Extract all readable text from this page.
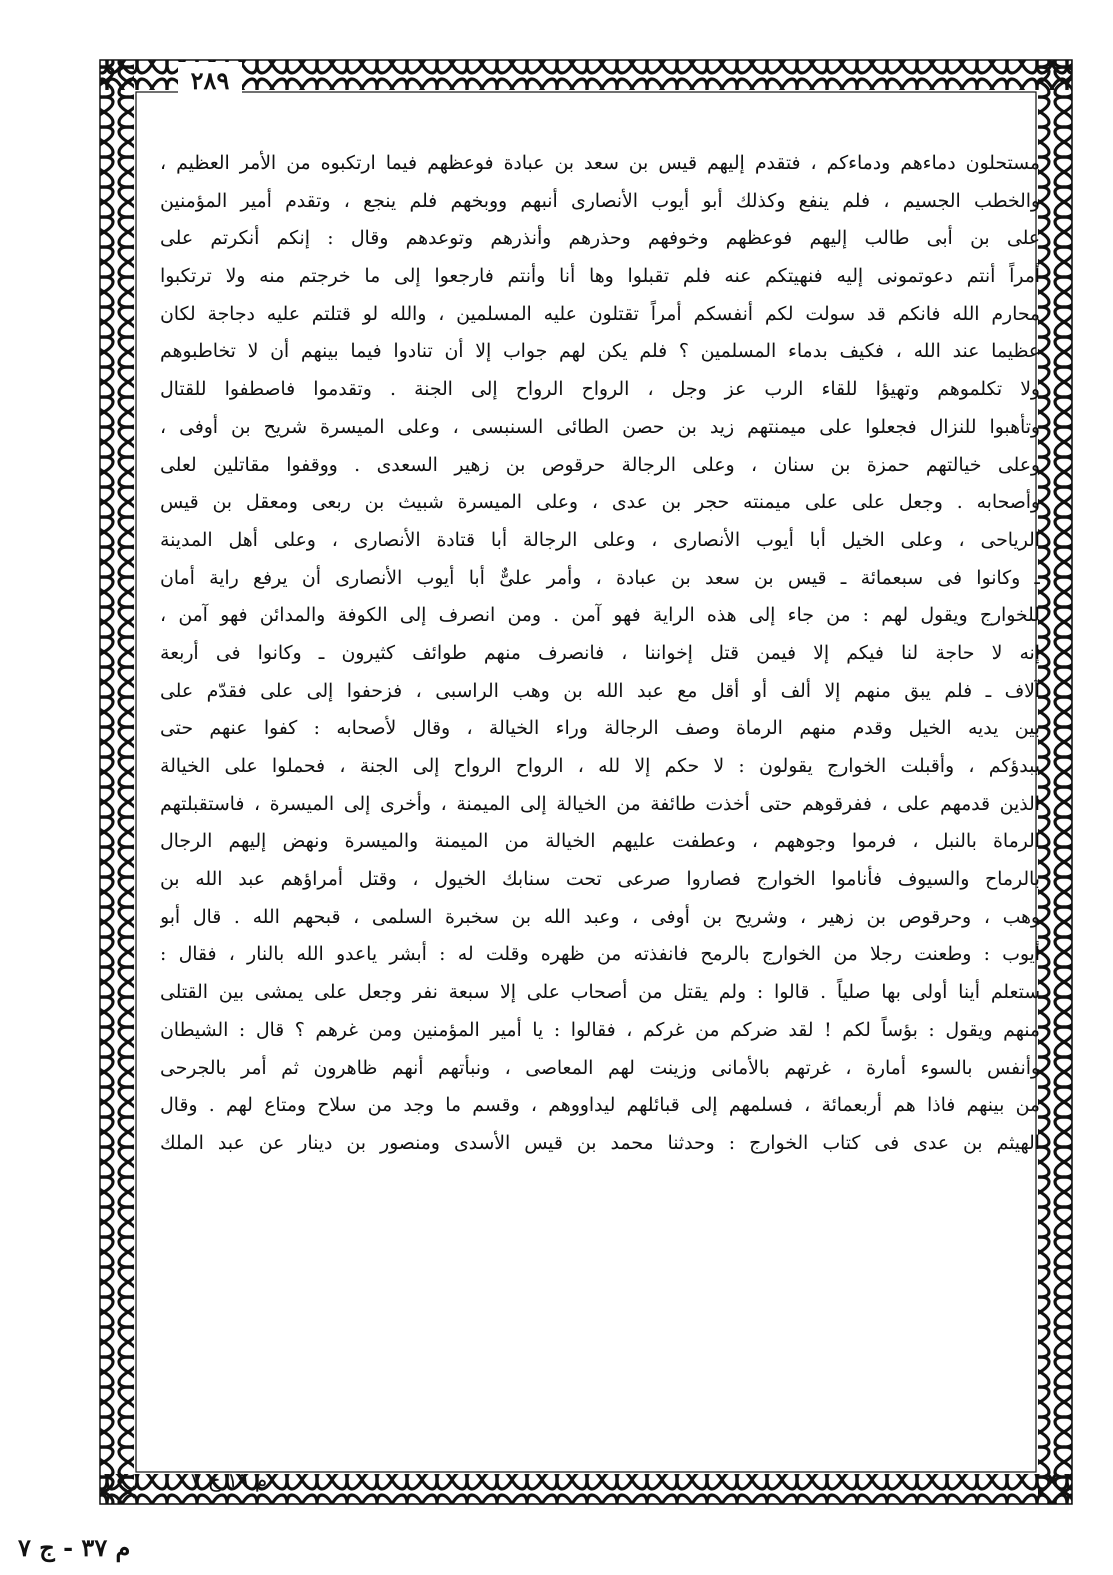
٢٨٩
مستحلون دماءهم ودماءكم ، فتقدم إليهم قيس بن سعد بن عبادة فوعظهم فيما ارتكبوه من الأمر العظيم ،
والخطب الجسيم ، فلم ينفع وكذلك أبو أيوب الأنصارى أنبهم ووبخهم فلم ينجع ، وتقدم أمير المؤمنين
على بن أبى طالب إليهم فوعظهم وخوفهم وحذرهم وأنذرهم وتوعدهم وقال : إنكم أنكرتم على
أمراً أنتم دعوتمونى إليه فنهيتكم عنه فلم تقبلوا وها أنا وأنتم فارجعوا إلى ما خرجتم منه ولا ترتكبوا
محارم الله فانكم قد سولت لكم أنفسكم أمراً تقتلون عليه المسلمين ، والله لو قتلتم عليه دجاجة لكان
عظيما عند الله ، فكيف بدماء المسلمين ؟ فلم يكن لهم جواب إلا أن تنادوا فيما بينهم أن لا تخاطبوهم
ولا تكلموهم وتهيؤا للقاء الرب عز وجل ، الرواح الرواح إلى الجنة . وتقدموا فاصطفوا للقتال
وتأهبوا للنزال فجعلوا على ميمنتهم زيد بن حصن الطائى السنبسى ، وعلى الميسرة شريح بن أوفى ،
وعلى خيالتهم حمزة بن سنان ، وعلى الرجالة حرقوص بن زهير السعدى . ووقفوا مقاتلين لعلى
وأصحابه . وجعل على على ميمنته حجر بن عدى ، وعلى الميسرة شبيث بن ربعى ومعقل بن قيس
الرياحى ، وعلى الخيل أبا أيوب الأنصارى ، وعلى الرجالة أبا قتادة الأنصارى ، وعلى أهل المدينة
ـ وكانوا فى سبعمائة ـ قيس بن سعد بن عبادة ، وأمر علىٌّ أبا أيوب الأنصارى أن يرفع راية أمان
للخوارج ويقول لهم : من جاء إلى هذه الراية فهو آمن . ومن انصرف إلى الكوفة والمدائن فهو آمن ،
إنه لا حاجة لنا فيكم إلا فيمن قتل إخواننا ، فانصرف منهم طوائف كثيرون ـ وكانوا فى أربعة
آلاف ـ فلم يبق منهم إلا ألف أو أقل مع عبد الله بن وهب الراسبى ، فزحفوا إلى على فقدّم على
بين يديه الخيل وقدم منهم الرماة وصف الرجالة وراء الخيالة ، وقال لأصحابه : كفوا عنهم حتى
يبدؤكم ، وأقبلت الخوارج يقولون : لا حكم إلا لله ، الرواح الرواح إلى الجنة ، فحملوا على الخيالة
الذين قدمهم على ، ففرقوهم حتى أخذت طائفة من الخيالة إلى الميمنة ، وأخرى إلى الميسرة ، فاستقبلتهم
الرماة بالنبل ، فرموا وجوههم ، وعطفت عليهم الخيالة من الميمنة والميسرة ونهض إليهم الرجال
بالرماح والسيوف فأناموا الخوارج فصاروا صرعى تحت سنابك الخيول ، وقتل أمراؤهم عبد الله بن
وهب ، وحرقوص بن زهير ، وشريح بن أوفى ، وعبد الله بن سخبرة السلمى ، قبحهم الله . قال أبو
أيوب : وطعنت رجلا من الخوارج بالرمح فانفذته من ظهره وقلت له : أبشر ياعدو الله بالنار ، فقال :
ستعلم أينا أولى بها صلياً . قالوا : ولم يقتل من أصحاب على إلا سبعة نفر وجعل على يمشى بين القتلى
منهم ويقول : بؤساً لكم ! لقد ضركم من غركم ، فقالوا : يا أمير المؤمنين ومن غرهم ؟ قال : الشيطان
وأنفس بالسوء أمارة ، غرتهم بالأمانى وزينت لهم المعاصى ، ونبأتهم أنهم ظاهرون ثم أمر بالجرحى
من بينهم فاذا هم أربعمائة ، فسلمهم إلى قبائلهم ليداووهم ، وقسم ما وجد من سلاح ومتاع لهم . وقال
الهيثم بن عدى فى كتاب الخوارج : وحدثنا محمد بن قيس الأسدى ومنصور بن دينار عن عبد الملك
م ١٩ ج ٧
م ٣٧ - ج ٧
